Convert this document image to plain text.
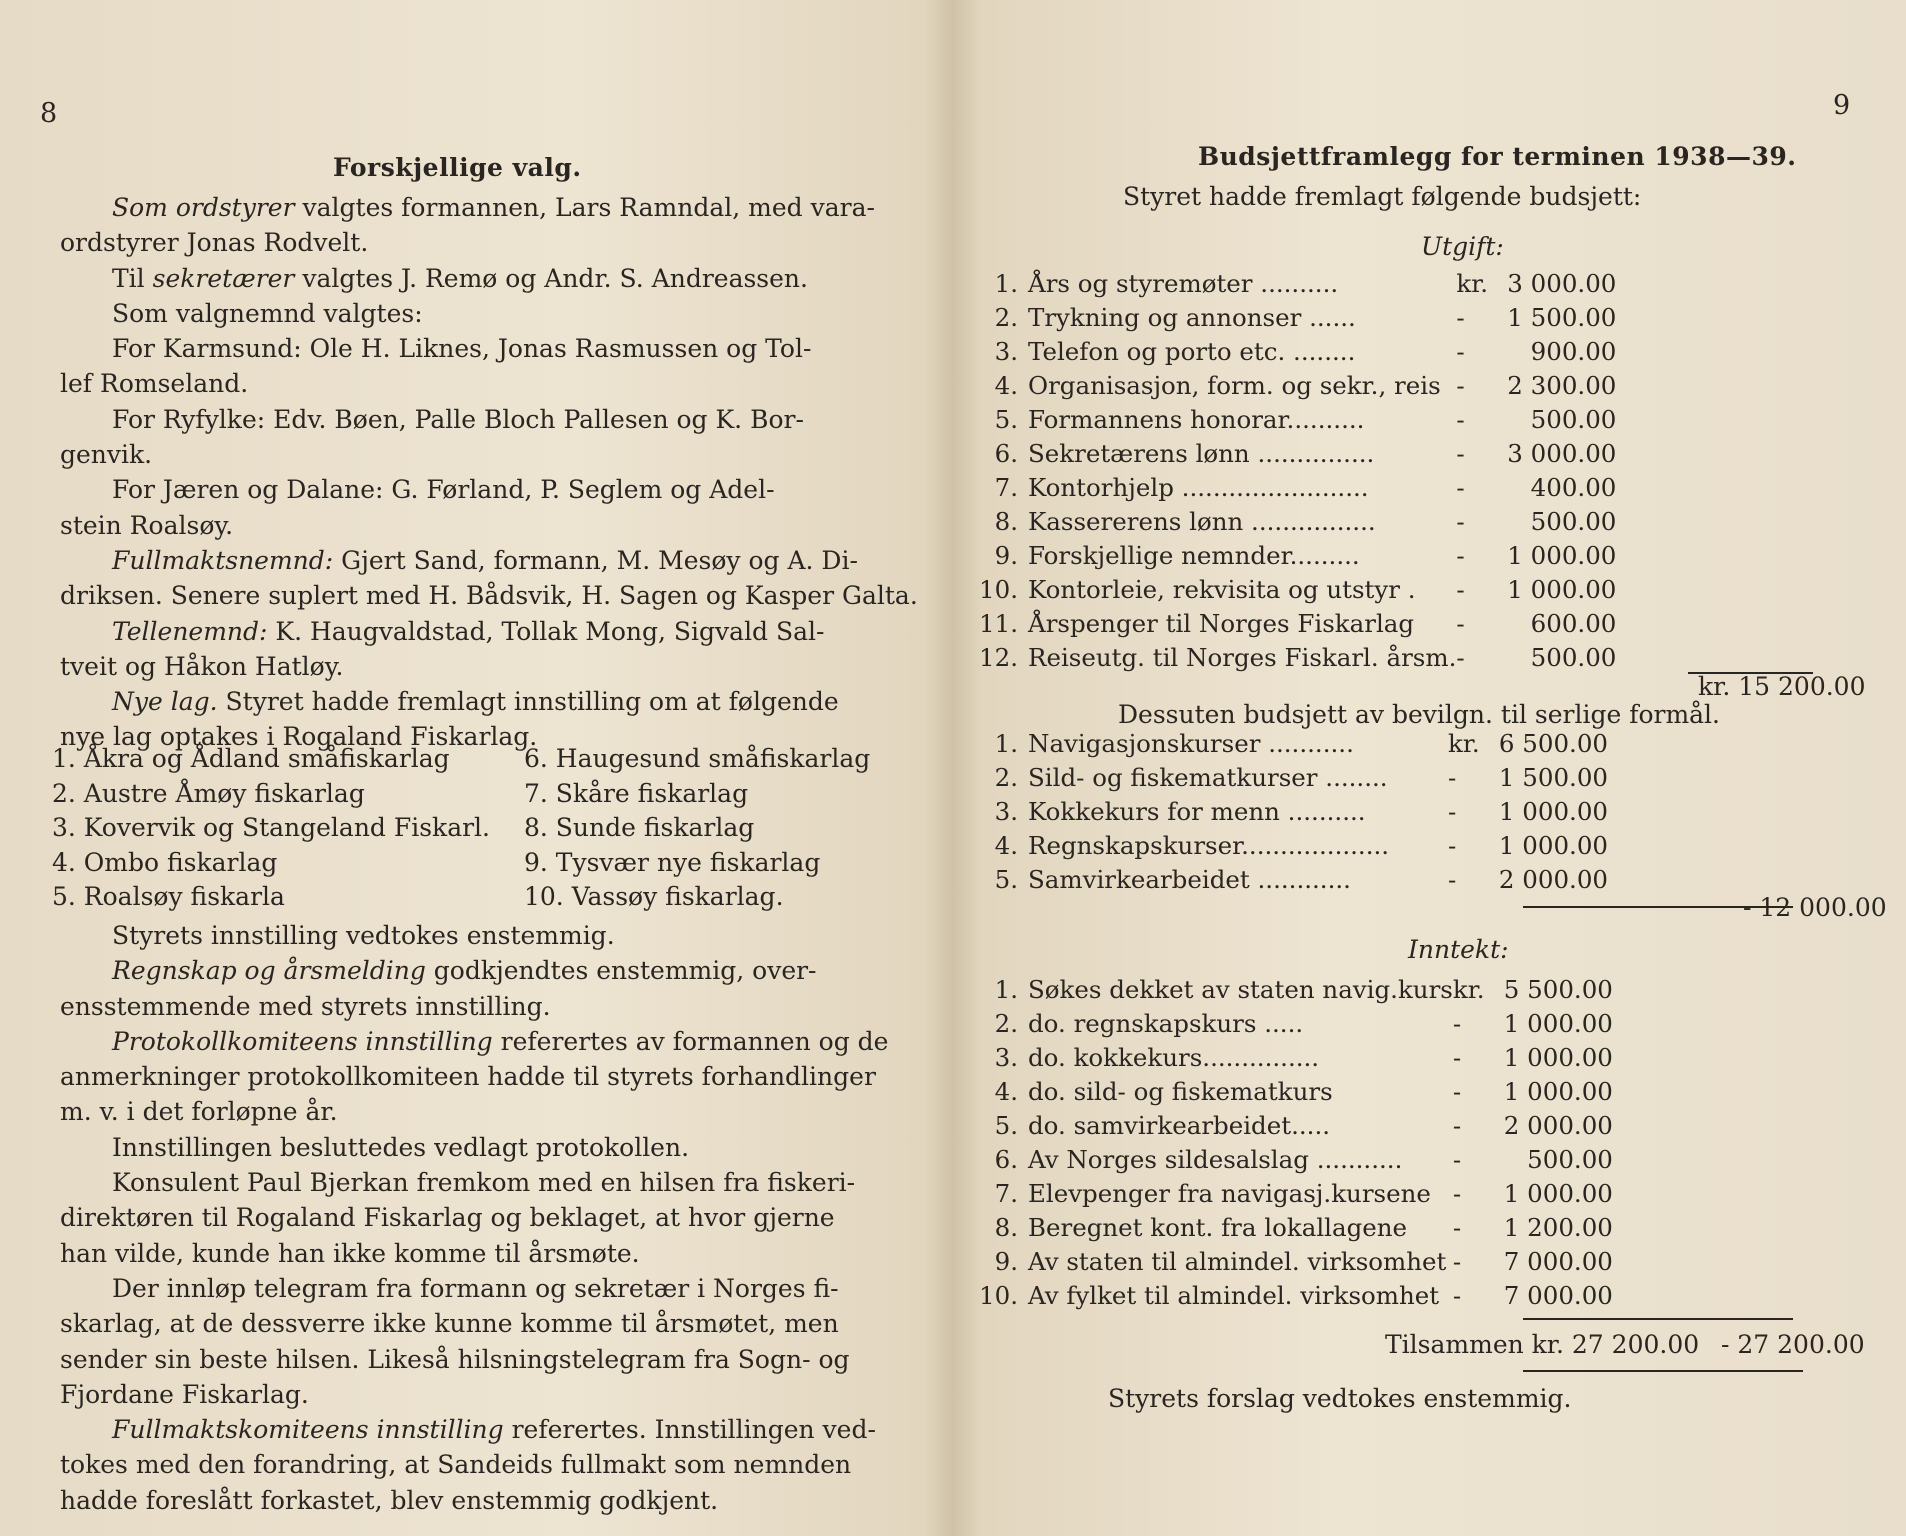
8
Forskjellige valg.
Som ordstyrer valgtes formannen, Lars Ramndal, med vara-
ordstyrer Jonas Rodvelt.
Til sekretærer valgtes J. Remø og Andr. S. Andreassen.
Som valgnemnd valgtes:
For Karmsund: Ole H. Liknes, Jonas Rasmussen og Tol-
lef Romseland.
For Ryfylke: Edv. Bøen, Palle Bloch Pallesen og K. Bor-
genvik.
For Jæren og Dalane: G. Førland, P. Seglem og Adel-
stein Roalsøy.
Fullmaktsnemnd: Gjert Sand, formann, M. Mesøy og A. Di-
driksen. Senere suplert med H. Bådsvik, H. Sagen og Kasper Galta.
Tellenemnd: K. Haugvaldstad, Tollak Mong, Sigvald Sal-
tveit og Håkon Hatløy.
Nye lag. Styret hadde fremlagt innstilling om at følgende
nye lag optakes i Rogaland Fiskarlag.
1. Åkra og Ådland småfiskarlag
2. Austre Åmøy fiskarlag
3. Kovervik og Stangeland Fiskarl.
4. Ombo fiskarlag
5. Roalsøy fiskarla
6. Haugesund småfiskarlag
7. Skåre fiskarlag
8. Sunde fiskarlag
9. Tysvær nye fiskarlag
10. Vassøy fiskarlag.
Styrets innstilling vedtokes enstemmig.
Regnskap og årsmelding godkjendtes enstemmig, over-
ensstemmende med styrets innstilling.
Protokollkomiteens innstilling referertes av formannen og de
anmerkninger protokollkomiteen hadde til styrets forhandlinger
m. v. i det forløpne år.
Innstillingen besluttedes vedlagt protokollen.
Konsulent Paul Bjerkan fremkom med en hilsen fra fiskeri-
direktøren til Rogaland Fiskarlag og beklaget, at hvor gjerne
han vilde, kunde han ikke komme til årsmøte.
Der innløp telegram fra formann og sekretær i Norges fi-
skarlag, at de dessverre ikke kunne komme til årsmøtet, men
sender sin beste hilsen. Likeså hilsningstelegram fra Sogn- og
Fjordane Fiskarlag.
Fullmaktskomiteens innstilling referertes. Innstillingen ved-
tokes med den forandring, at Sandeids fullmakt som nemnden
hadde foreslått forkastet, blev enstemmig godkjent.
9
Budsjettframlegg for terminen 1938—39.
Styret hadde fremlagt følgende budsjett:
Utgift:
1.	Års og styremøter ..........	kr.	3 000.00
2.	Trykning og annonser ......	-	1 500.00
3.	Telefon og porto etc. ........	-	900.00
4.	Organisasjon, form. og sekr., reis	-	2 300.00
5.	Formannens honorar..........	-	500.00
6.	Sekretærens lønn ...............	-	3 000.00
7.	Kontorhjelp ........................	-	400.00
8.	Kassererens lønn ................	-	500.00
9.	Forskjellige nemnder.........	-	1 000.00
10.	Kontorleie, rekvisita og utstyr .	-	1 000.00
11.	Årspenger til Norges Fiskarlag	-	600.00
12.	Reiseutg. til Norges Fiskarl. årsm.	-	500.00
kr. 15 200.00
Dessuten budsjett av bevilgn. til serlige formål.
1.	Navigasjonskurser ...........	kr.	6 500.00
2.	Sild- og fiskematkurser ........	-	1 500.00
3.	Kokkekurs for menn ..........	-	1 000.00
4.	Regnskapskurser...................	-	1 000.00
5.	Samvirkearbeidet ............	-	2 000.00
- 12 000.00
Inntekt:
1.	Søkes dekket av staten navig.kurs	kr.	5 500.00
2.	do. regnskapskurs .....	-	1 000.00
3.	do. kokkekurs...............	-	1 000.00
4.	do. sild- og fiskematkurs	-	1 000.00
5.	do. samvirkearbeidet.....	-	2 000.00
6.	Av Norges sildesalslag ...........	-	500.00
7.	Elevpenger fra navigasj.kursene	-	1 000.00
8.	Beregnet kont. fra lokallagene	-	1 200.00
9.	Av staten til almindel. virksomhet	-	7 000.00
10.	Av fylket til almindel. virksomhet	-	7 000.00
Tilsammen kr. 27 200.00 - 27 200.00
Styrets forslag vedtokes enstemmig.
